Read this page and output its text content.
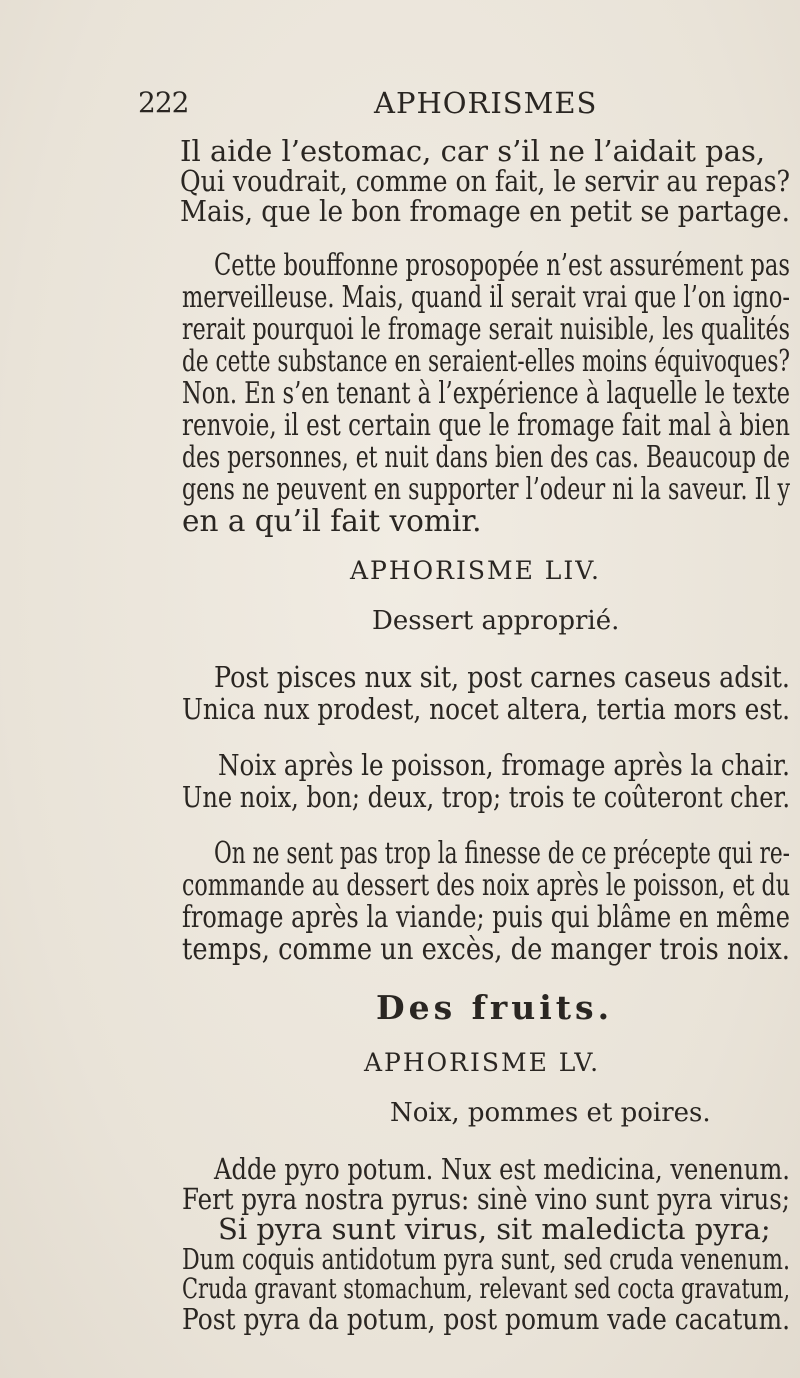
222	APHORISMES
Il aide l’estomac, car s’il ne l’aidait pas,
Qui voudrait, comme on fait, le servir au repas?
Mais, que le bon fromage en petit se partage.
Cette bouffonne prosopopée n’est assurément pas
merveilleuse. Mais, quand il serait vrai que l’on igno-
rerait pourquoi le fromage serait nuisible, les qualités
de cette substance en seraient-elles moins équivoques?
Non. En s’en tenant à l’expérience à laquelle le texte
renvoie, il est certain que le fromage fait mal à bien
des personnes, et nuit dans bien des cas. Beaucoup de
gens ne peuvent en supporter l’odeur ni la saveur. Il y
en a qu’il fait vomir.
APHORISME LIV.
Dessert approprié.
Post pisces nux sit, post carnes caseus adsit.
Unica nux prodest, nocet altera, tertia mors est.
Noix après le poisson, fromage après la chair.
Une noix, bon; deux, trop; trois te coûteront cher.
On ne sent pas trop la finesse de ce précepte qui re-
commande au dessert des noix après le poisson, et du
fromage après la viande; puis qui blâme en même
temps, comme un excès, de manger trois noix.
Des fruits.
APHORISME LV.
Noix, pommes et poires.
Adde pyro potum. Nux est medicina, venenum.
Fert pyra nostra pyrus: sinè vino sunt pyra virus;
Si pyra sunt virus, sit maledicta pyra;
Dum coquis antidotum pyra sunt, sed cruda venenum.
Cruda gravant stomachum, relevant sed cocta gravatum,
Post pyra da potum, post pomum vade cacatum.
